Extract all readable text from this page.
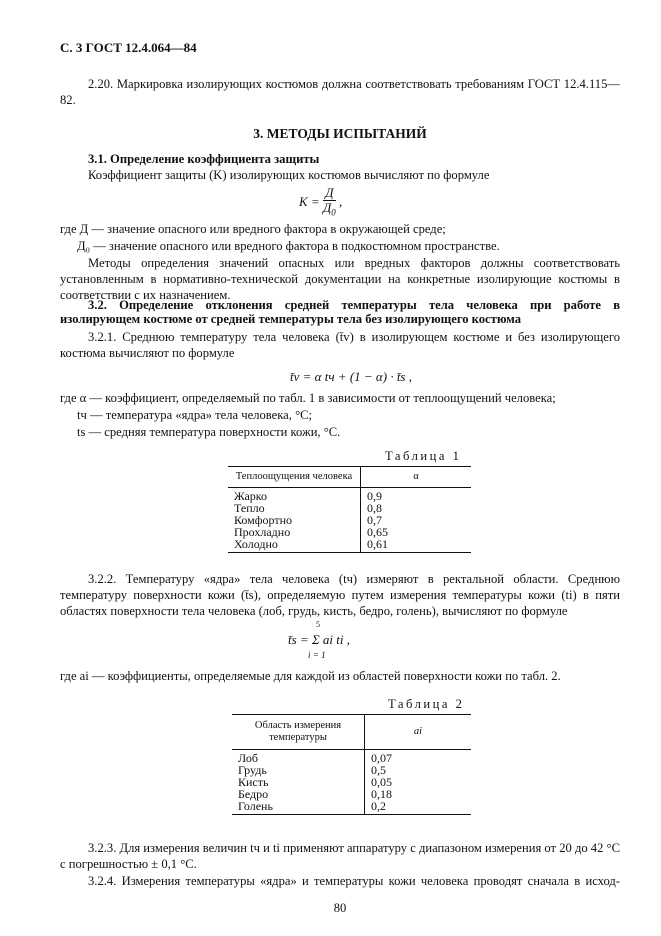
С. 3 ГОСТ 12.4.064—84
2.20. Маркировка изолирующих костюмов должна соответствовать требованиям ГОСТ 12.4.115—82.
3. МЕТОДЫ ИСПЫТАНИЙ
3.1. Определение коэффициента защиты
Коэффициент защиты (K) изолирующих костюмов вычисляют по формуле
$K = \frac{Д}{Д_0}$ ,
где Д — значение опасного или вредного фактора в окружающей среде;
Д₀ — значение опасного или вредного фактора в подкостюмном пространстве.
Методы определения значений опасных или вредных факторов должны соответствовать установленным в нормативно-технической документации на конкретные изолирующие костюмы в соответствии с их назначением.
3.2. Определение отклонения средней температуры тела человека при работе в изолирующем костюме от средней температуры тела без изолирующего костюма
3.2.1. Среднюю температуру тела человека (t̄v) в изолирующем костюме и без изолирующего костюма вычисляют по формуле
t̄v = α tч + (1 − α) · t̄s ,
где α — коэффициент, определяемый по табл. 1 в зависимости от теплоощущений человека;
tч — температура «ядра» тела человека, °С;
ts — средняя температура поверхности кожи, °С.
Таблица 1
Теплоощущения человека	α
Жарко	0,9
Тепло	0,8
Комфортно	0,7
Прохладно	0,65
Холодно	0,61
3.2.2. Температуру «ядра» тела человека (tч) измеряют в ректальной области. Среднюю температуру поверхности кожи (t̄s), определяемую путем измерения температуры кожи (ti) в пяти областях поверхности тела человека (лоб, грудь, кисть, бедро, голень), вычисляют по формуле
5
t̄s = Σ ai ti ,
i = 1
где ai — коэффициенты, определяемые для каждой из областей поверхности кожи по табл. 2.
Таблица 2
Область измерения температуры	ai
Лоб	0,07
Грудь	0,5
Кисть	0,05
Бедро	0,18
Голень	0,2
3.2.3. Для измерения величин tч и ti применяют аппаратуру с диапазоном измерения от 20 до 42 °С с погрешностью ± 0,1 °С.
3.2.4. Измерения температуры «ядра» и температуры кожи человека проводят сначала в исход-
80
